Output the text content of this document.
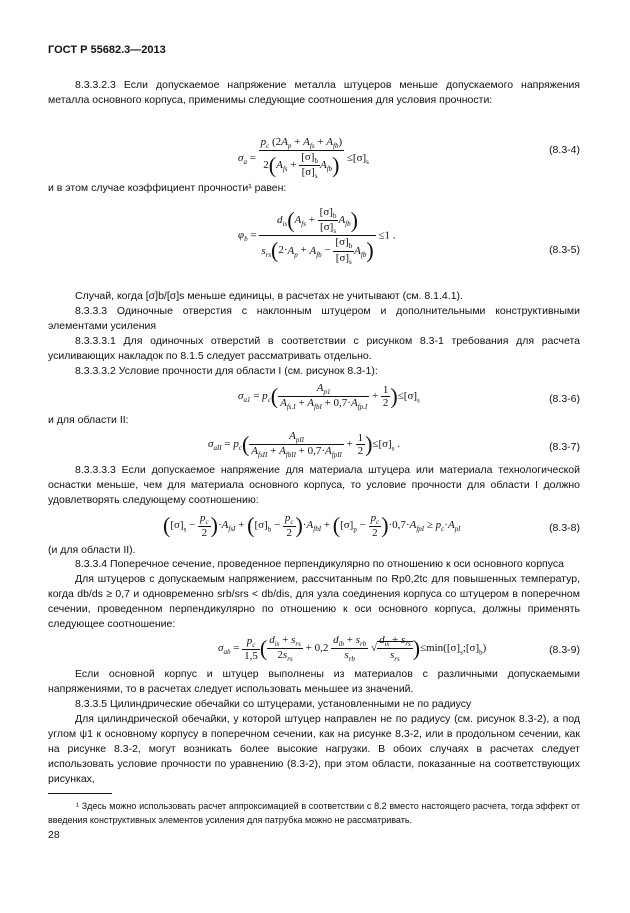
ГОСТ Р 55682.3—2013
8.3.3.2.3 Если допускаемое напряжение металла штуцеров меньше допускаемого напряжения металла основного корпуса, применимы следующие соотношения для условия прочности:
$\sigma_a = \frac{p_c (2A_p + A_{fs} + A_{fb})}{2(A_{fs} + \frac{[\sigma]_b}{[\sigma]_s} A_{fb})} \le[\sigma]_s$
(8.3-4)
и в этом случае коэффициент прочности¹ равен:
$\varphi_b = \frac{d_{is}(A_{fs} + \frac{[\sigma]_b}{[\sigma]_s} A_{fb})}{s_{rs}(2\cdot A_p + A_{fb} - \frac{[\sigma]_b}{[\sigma]_s} A_{fb})} \le 1$ .
(8.3-5)
Случай, когда [σ]b/[σ]s меньше единицы, в расчетах не учитывают (см. 8.1.4.1).
8.3.3.3 Одиночные отверстия с наклонным штуцером и дополнительными конструктивными элементами усиления
8.3.3.3.1 Для одиночных отверстий в соответствии с рисунком 8.3-1 требования для расчета усиливающих накладок по 8.1.5 следует рассматривать отдельно.
8.3.3.3.2 Условие прочности для области I (см. рисунок 8.3-1):
$\sigma_{a1} = p_c( \frac{A_{p1}}{A_{fs.I} + A_{fbI} + 0,7\cdot A_{fp.I}} + \frac{1}{2} )\le[\sigma]_s$	(8.3-6)
и для области II:
$\sigma_{aII} = p_c( \frac{A_{pII}}{A_{fsII} + A_{fbII} + 0,7\cdot A_{fpII}} + \frac{1}{2} )\le[\sigma]_s$ .	(8.3-7)
8.3.3.3.3 Если допускаемое напряжение для материала штуцера или материала технологической оснастки меньше, чем для материала основного корпуса, то условие прочности для области I должно удовлетворять следующему соотношению:
$([\sigma]_s - \frac{p_c}{2} )\cdot A_{fsI} + ([\sigma]_b - \frac{p_c}{2} )\cdot A_{fbI} + ([\sigma]_p - \frac{p_c}{2} )\cdot 0,7\cdot A_{fpI} \ge p_c\cdot A_{pI}$	(8.3-8)
(и для области II).
8.3.3.4 Поперечное сечение, проведенное перпендикулярно по отношению к оси основного корпуса
Для штуцеров с допускаемым напряжением, рассчитанным по Rp0,2tc для повышенных температур, когда db/ds ≥ 0,7 и одновременно srb/srs < db/dis, для узла соединения корпуса со штуцером в поперечном сечении, проведенном перпендикулярно по отношению к оси основного корпуса, должны применять следующее соотношение:
$\sigma_{ab} = \frac{p_c}{1,5}$ ( $\frac{d_{is} + s_{rs}}{2s_{rs}} + 0,2 \frac{d_{ib} + s_{rb}}{s_{rb}}$ √ $\frac{d_{is} + s_{rs}}{s_{rs}}$ )$\le\min([\sigma]_s;[\sigma]_b)$	(8.3-9)
Если основной корпус и штуцер выполнены из материалов с различными допускаемыми напряжениями, то в расчетах следует использовать меньшее из значений.
8.3.3.5 Цилиндрические обечайки со штуцерами, установленными не по радиусу
Для цилиндрической обечайки, у которой штуцер направлен не по радиусу (см. рисунок 8.3-2), а под углом ψ1 к основному корпусу в поперечном сечении, как на рисунке 8.3-2, или в продольном сечении, как на рисунке 8.3-2, могут возникать более высокие нагрузки. В обоих случаях в расчетах следует использовать условие прочности по уравнению (8.3-2), при этом области, показанные на соответствующих рисунках,
¹ Здесь можно использовать расчет аппроксимацией в соответствии с 8.2 вместо настоящего расчета, тогда эффект от введения конструктивных элементов усиления для патрубка можно не рассматривать.
28
